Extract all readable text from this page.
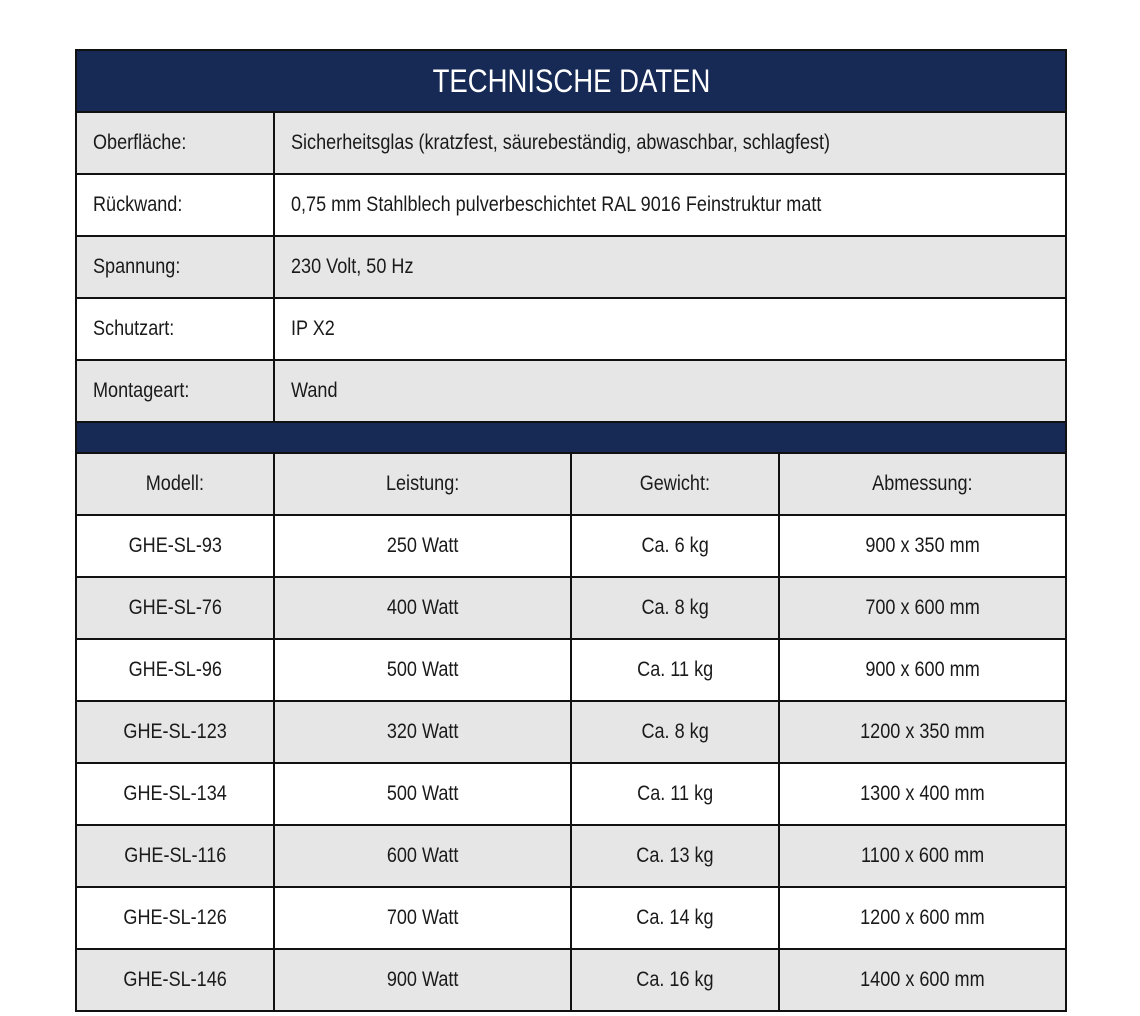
TECHNISCHE DATEN			
Oberfläche:	Sicherheitsglas (kratzfest, säurebeständig, abwaschbar, schlagfest)		
Rückwand:	0,75 mm Stahlblech pulverbeschichtet RAL 9016 Feinstruktur matt		
Spannung:	230 Volt, 50 Hz		
Schutzart:	IP X2		
Montageart:	Wand		

Modell:	Leistung:	Gewicht:	Abmessung:
GHE-SL-93	250 Watt	Ca. 6 kg	900 x 350 mm
GHE-SL-76	400 Watt	Ca. 8 kg	700 x 600 mm
GHE-SL-96	500 Watt	Ca. 11 kg	900 x 600 mm
GHE-SL-123	320 Watt	Ca. 8 kg	1200 x 350 mm
GHE-SL-134	500 Watt	Ca. 11 kg	1300 x 400 mm
GHE-SL-116	600 Watt	Ca. 13 kg	1100 x 600 mm
GHE-SL-126	700 Watt	Ca. 14 kg	1200 x 600 mm
GHE-SL-146	900 Watt	Ca. 16 kg	1400 x 600 mm
